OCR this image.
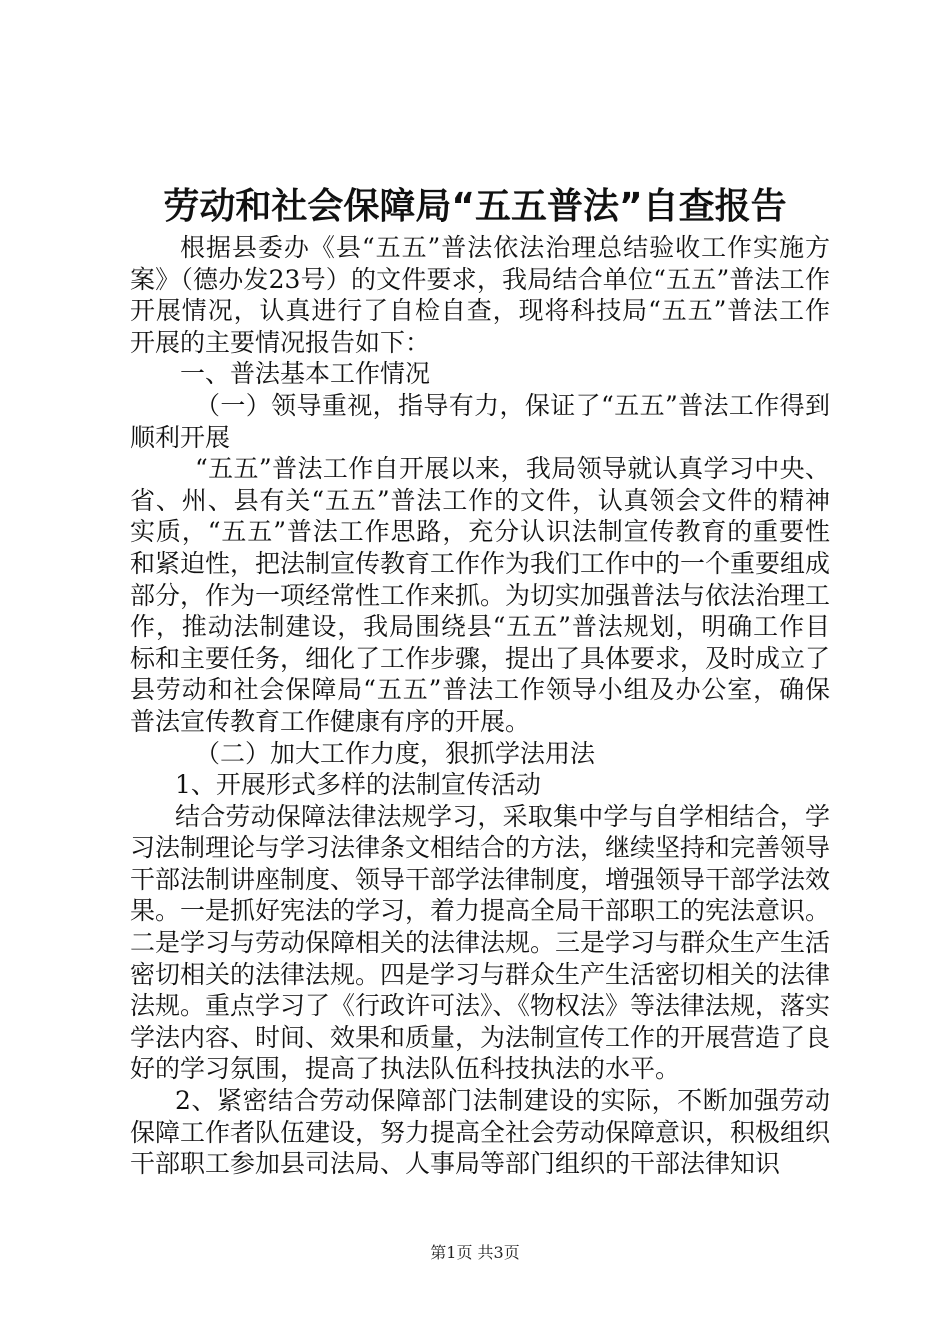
劳动和社会保障局“五五普法”自查报告

根据县委办《县“五五”普法依法治理总结验收工作实施方案》（德办发23号）的文件要求，我局结合单位“五五”普法工作开展情况，认真进行了自检自查，现将科技局“五五”普法工作开展的主要情况报告如下：

一、普法基本工作情况

（一）领导重视，指导有力，保证了“五五”普法工作得到顺利开展

“五五”普法工作自开展以来，我局领导就认真学习中央、省、州、县有关“五五”普法工作的文件，认真领会文件的精神实质，“五五”普法工作思路，充分认识法制宣传教育的重要性和紧迫性，把法制宣传教育工作作为我们工作中的一个重要组成部分，作为一项经常性工作来抓。为切实加强普法与依法治理工作，推动法制建设，我局围绕县“五五”普法规划，明确工作目标和主要任务，细化了工作步骤，提出了具体要求，及时成立了县劳动和社会保障局“五五”普法工作领导小组及办公室，确保普法宣传教育工作健康有序的开展。

（二）加大工作力度，狠抓学法用法

1、开展形式多样的法制宣传活动

结合劳动保障法律法规学习，采取集中学与自学相结合，学习法制理论与学习法律条文相结合的方法，继续坚持和完善领导干部法制讲座制度、领导干部学法律制度，增强领导干部学法效果。一是抓好宪法的学习，着力提高全局干部职工的宪法意识。二是学习与劳动保障相关的法律法规。三是学习与群众生产生活密切相关的法律法规。四是学习与群众生产生活密切相关的法律法规。重点学习了《行政许可法》、《物权法》等法律法规，落实学法内容、时间、效果和质量，为法制宣传工作的开展营造了良好的学习氛围，提高了执法队伍科技执法的水平。

2、紧密结合劳动保障部门法制建设的实际，不断加强劳动保障工作者队伍建设，努力提高全社会劳动保障意识，积极组织干部职工参加县司法局、人事局等部门组织的干部法律知识

第1页 共3页
